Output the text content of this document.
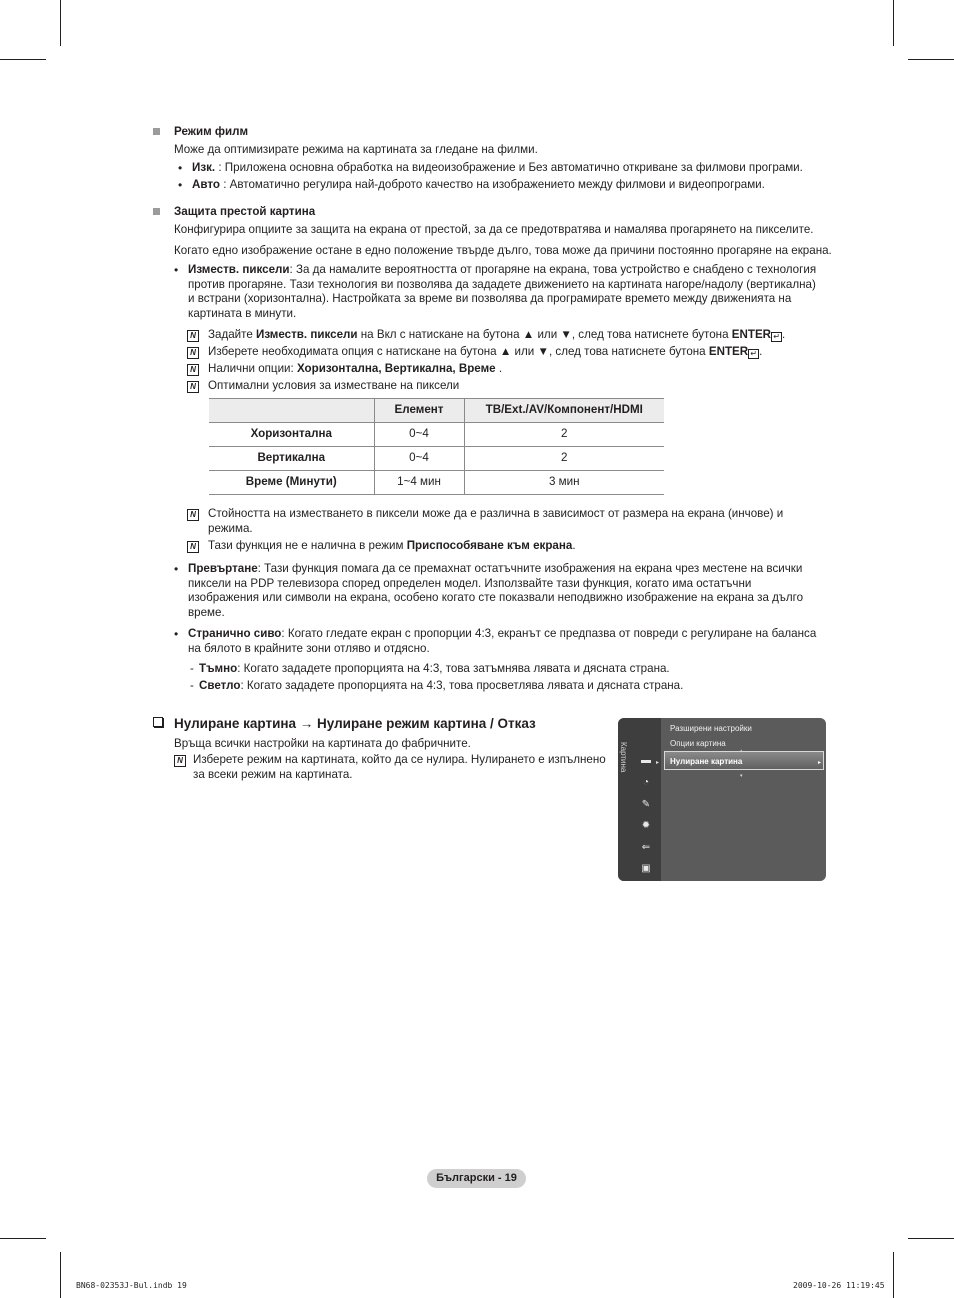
Режим филм
Може да оптимизирате режима на картината за гледане на филми.
• Изк. : Приложена основна обработка на видеоизображение и Без автоматично откриване за филмови програми.
• Авто : Автоматично регулира най-доброто качество на изображението между филмови и видеопрограми.
Защита престой картина
Конфигурира опциите за защита на екрана от престой, за да се предотвратява и намалява прогарянето на пикселите.
Когато едно изображение остане в едно положение твърде дълго, това може да причини постоянно прогаряне на екрана.
• Изместв. пиксели: За да намалите вероятността от прогаряне на екрана, това устройство е снабдено с технология против прогаряне. Тази технология ви позволява да зададете движението на картината нагоре/надолу (вертикална) и встрани (хоризонтална). Настройката за време ви позволява да програмирате времето между движенията на картината в минути.
N Задайте Изместв. пиксели на Вкл с натискане на бутона ▲ или ▼, след това натиснете бутона ENTER ↵ .
N Изберете необходимата опция с натискане на бутона ▲ или ▼, след това натиснете бутона ENTER ↵ .
N Налични опции: Хоризонтална, Вертикална, Време .
N Оптимални условия за изместване на пиксели
	Елемент	ТВ/Ext./AV/Компонент/HDMI
Хоризонтална	0~4	2
Вертикална	0~4	2
Време (Минути)	1~4 мин	3 мин
N Стойността на изместването в пиксели може да е различна в зависимост от размера на екрана (инчове) и режима.
N Тази функция не е налична в режим Приспособяване към екрана.
• Превъртане: Тази функция помага да се премахнат остатъчните изображения на екрана чрез местене на всички пиксели на PDP телевизора според определен модел. Използвайте тази функция, когато има остатъчни изображения или символи на екрана, особено когато сте показвали неподвижно изображение на екрана за дълго време.
• Странично сиво: Когато гледате екран с пропорции 4:3, екранът се предпазва от повреди с регулиране на баланса на бялото в крайните зони отляво и отдясно.
- Тъмно: Когато зададете пропорцията на 4:3, това затъмнява лявата и дясната страна.
- Светло: Когато зададете пропорцията на 4:3, това просветлява лявата и дясната страна.
Нулиране картина → Нулиране режим картина / Отказ
Връща всички настройки на картината до фабричните.
N Изберете режим на картината, който да се нулира. Нулирането е изпълнено за всеки режим на картината.
Картина ▬ ▸
◔
✎
✹
⇐
▣
Разширени настройки
Опции картина
Нулиране картина	▸
▾
Български - 19
BN68-02353J-Bul.indb 19	2009-10-26 11:19:45
